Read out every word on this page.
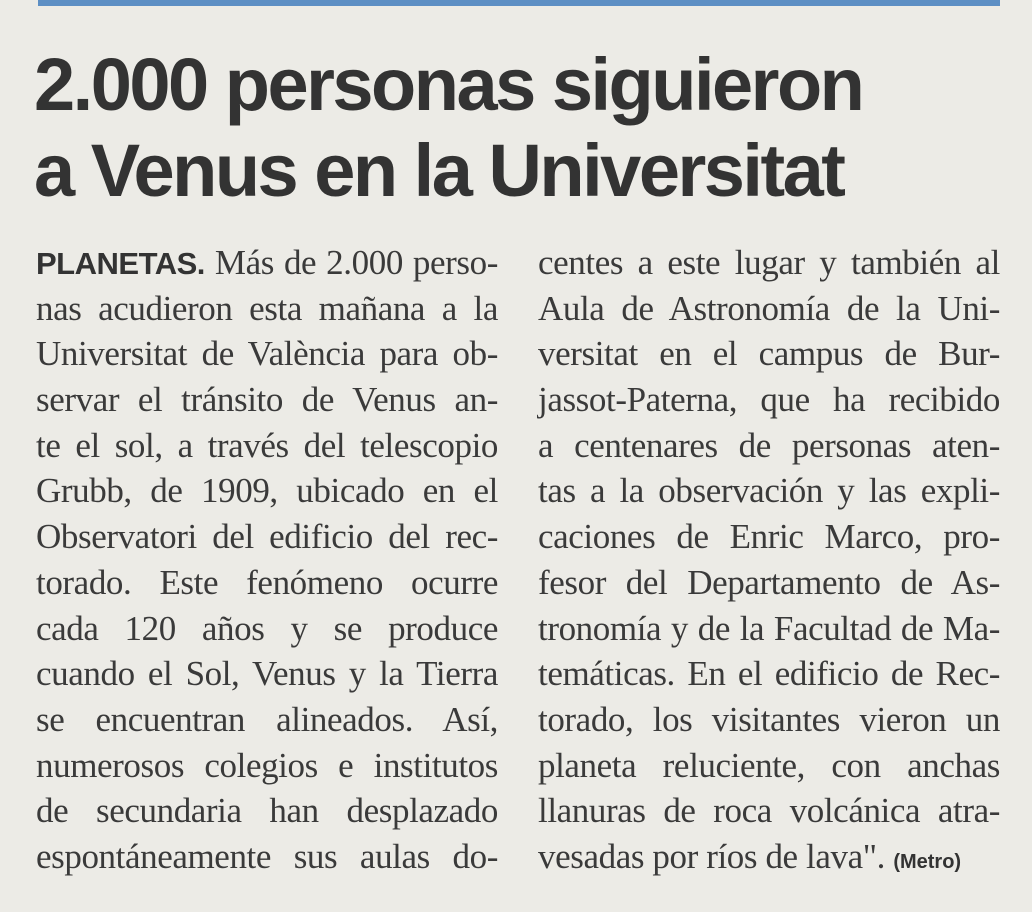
2.000 personas siguieron
a Venus en la Universitat
PLANETAS. Más de 2.000 perso-
nas acudieron esta mañana a la
Universitat de València para ob-
servar el tránsito de Venus an-
te el sol, a través del telescopio
Grubb, de 1909, ubicado en el
Observatori del edificio del rec-
torado. Este fenómeno ocurre
cada 120 años y se produce
cuando el Sol, Venus y la Tierra
se encuentran alineados. Así,
numerosos colegios e institutos
de secundaria han desplazado
espontáneamente sus aulas do-
centes a este lugar y también al
Aula de Astronomía de la Uni-
versitat en el campus de Bur-
jassot-Paterna, que ha recibido
a centenares de personas aten-
tas a la observación y las expli-
caciones de Enric Marco, pro-
fesor del Departamento de As-
tronomía y de la Facultad de Ma-
temáticas. En el edificio de Rec-
torado, los visitantes vieron un
planeta reluciente, con anchas
llanuras de roca volcánica atra-
vesadas por ríos de lava". (Metro)
